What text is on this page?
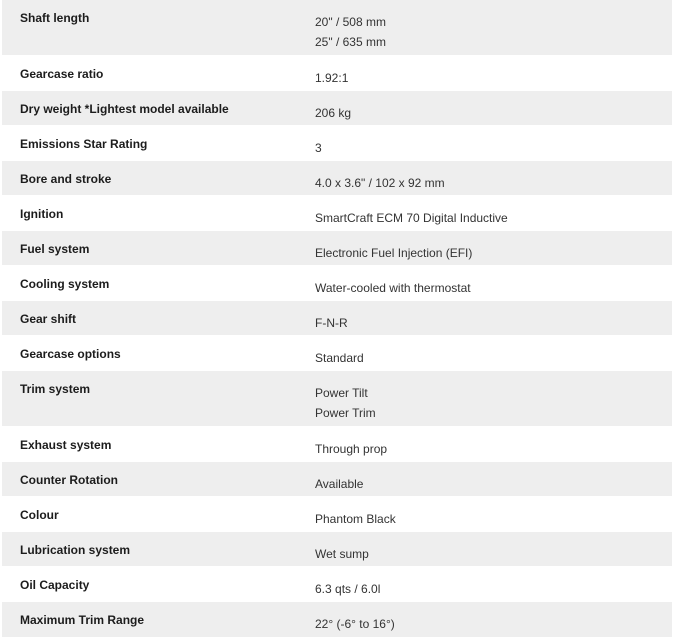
Shaft length	20" / 508 mm
25" / 635 mm
Gearcase ratio	1.92:1
Dry weight *Lightest model available	206 kg
Emissions Star Rating	3
Bore and stroke	4.0 x 3.6" / 102 x 92 mm
Ignition	SmartCraft ECM 70 Digital Inductive
Fuel system	Electronic Fuel Injection (EFI)
Cooling system	Water-cooled with thermostat
Gear shift	F-N-R
Gearcase options	Standard
Trim system	Power Tilt
Power Trim
Exhaust system	Through prop
Counter Rotation	Available
Colour	Phantom Black
Lubrication system	Wet sump
Oil Capacity	6.3 qts / 6.0l
Maximum Trim Range	22° (-6° to 16°)
